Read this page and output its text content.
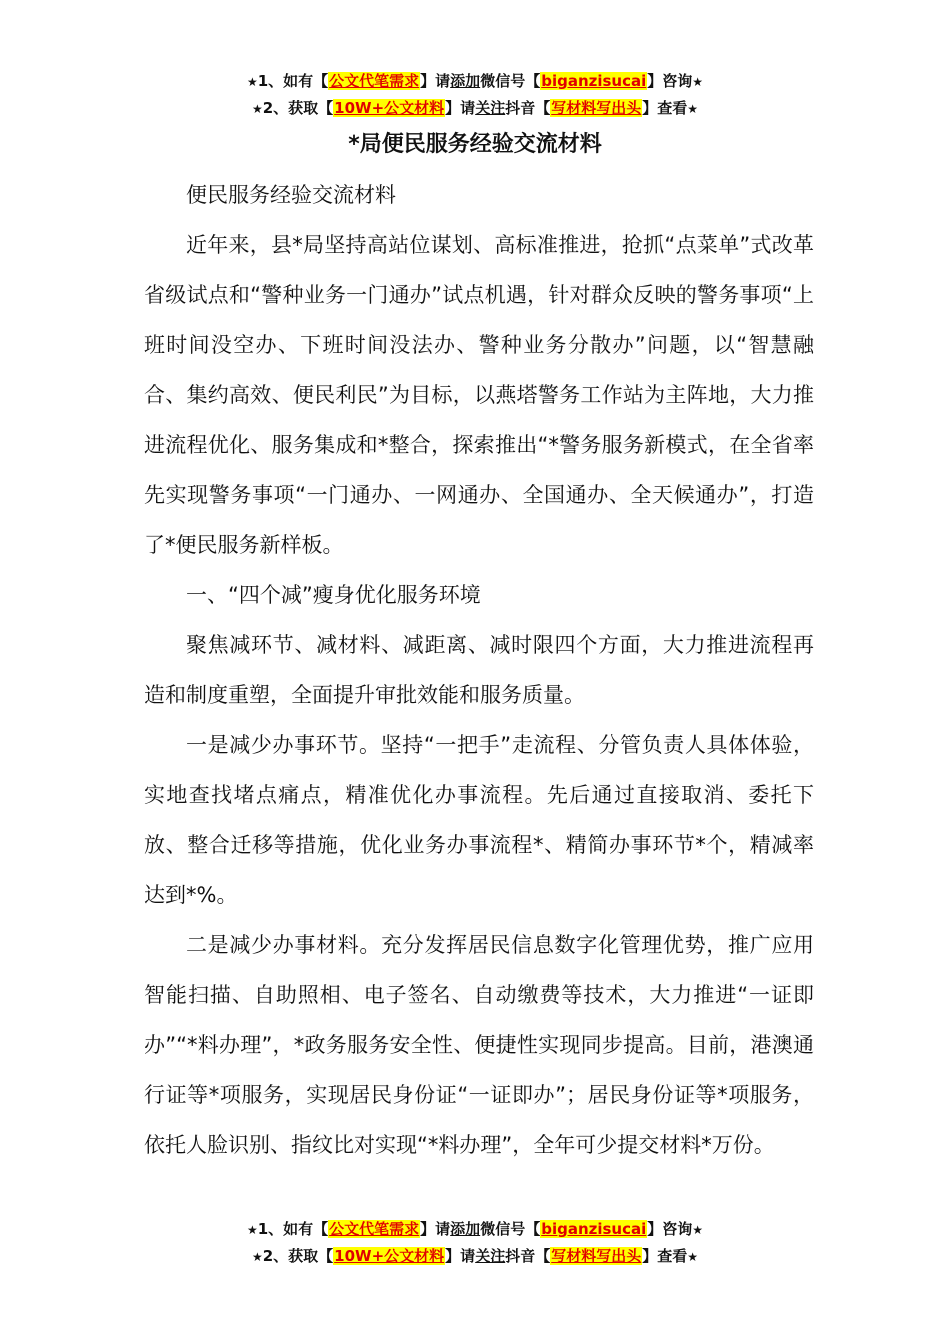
★1、如有【公文代笔需求】请添加微信号【biganzisucai】咨询★
★2、获取【10W+公文材料】请关注抖音【写材料写出头】查看★
*局便民服务经验交流材料

便民服务经验交流材料

近年来，县*局坚持高站位谋划、高标准推进，抢抓“点菜单”式改革省级试点和“警种业务一门通办”试点机遇，针对群众反映的警务事项“上班时间没空办、下班时间没法办、警种业务分散办”问题，以“智慧融合、集约高效、便民利民”为目标，以燕塔警务工作站为主阵地，大力推进流程优化、服务集成和*整合，探索推出“*警务服务新模式，在全省率先实现警务事项“一门通办、一网通办、全国通办、全天候通办”，打造了*便民服务新样板。

一、“四个减”瘦身优化服务环境

聚焦减环节、减材料、减距离、减时限四个方面，大力推进流程再造和制度重塑，全面提升审批效能和服务质量。

一是减少办事环节。坚持“一把手”走流程、分管负责人具体体验，实地查找堵点痛点，精准优化办事流程。先后通过直接取消、委托下放、整合迁移等措施，优化业务办事流程*、精简办事环节*个，精减率达到*%。

二是减少办事材料。充分发挥居民信息数字化管理优势，推广应用智能扫描、自助照相、电子签名、自动缴费等技术，大力推进“一证即办”“*料办理”，*政务服务安全性、便捷性实现同步提高。目前，港澳通行证等*项服务，实现居民身份证“一证即办”；居民身份证等*项服务，依托人脸识别、指纹比对实现“*料办理”，全年可少提交材料*万份。

★1、如有【公文代笔需求】请添加微信号【biganzisucai】咨询★
★2、获取【10W+公文材料】请关注抖音【写材料写出头】查看★
